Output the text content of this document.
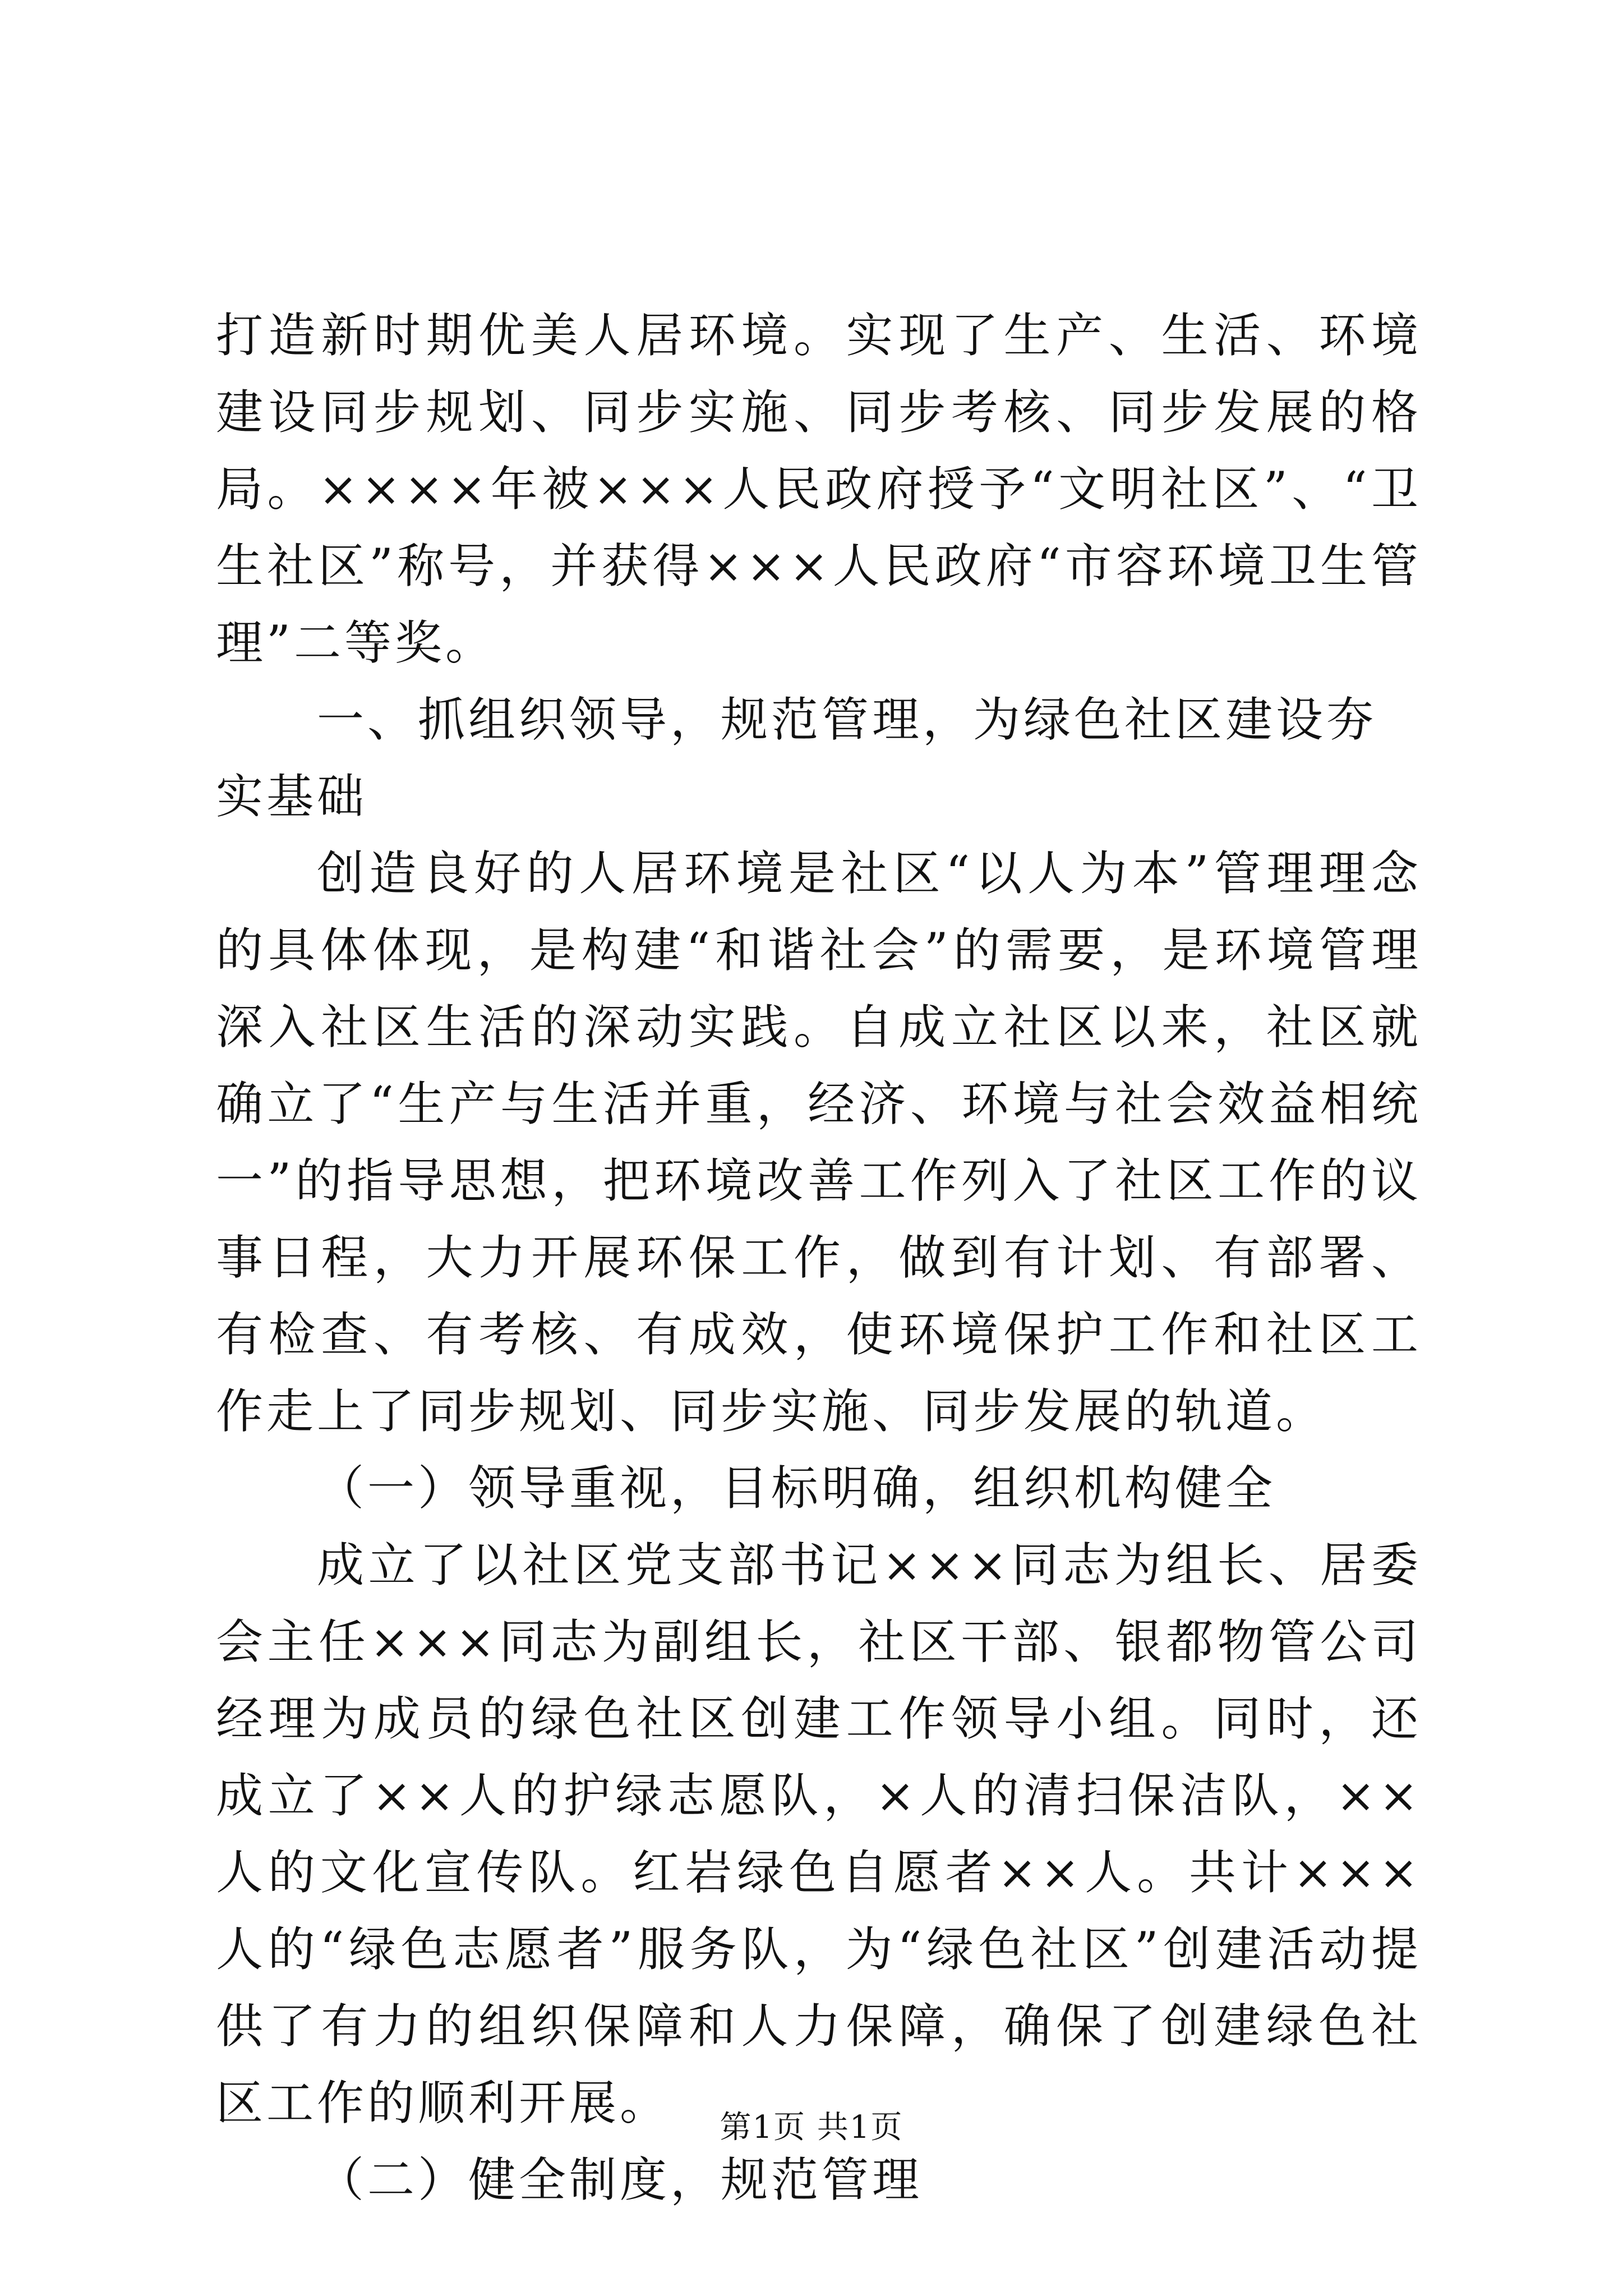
打造新时期优美人居环境。实现了生产、生活、环境建设同步规划、同步实施、同步考核、同步发展的格局。××××年被×××人民政府授予“文明社区”、“卫生社区”称号，并获得×××人民政府“市容环境卫生管理”二等奖。

一、抓组织领导，规范管理，为绿色社区建设夯实基础

创造良好的人居环境是社区“以人为本”管理理念的具体体现，是构建“和谐社会”的需要，是环境管理深入社区生活的深动实践。自成立社区以来，社区就确立了“生产与生活并重，经济、环境与社会效益相统一”的指导思想，把环境改善工作列入了社区工作的议事日程，大力开展环保工作，做到有计划、有部署、有检查、有考核、有成效，使环境保护工作和社区工作走上了同步规划、同步实施、同步发展的轨道。

（一）领导重视，目标明确，组织机构健全

成立了以社区党支部书记×××同志为组长、居委会主任×××同志为副组长，社区干部、银都物管公司经理为成员的绿色社区创建工作领导小组。同时，还成立了××人的护绿志愿队，×人的清扫保洁队，××人的文化宣传队。红岩绿色自愿者××人。共计×××人的“绿色志愿者”服务队，为“绿色社区”创建活动提供了有力的组织保障和人力保障，确保了创建绿色社区工作的顺利开展。

（二）健全制度，规范管理

第1页 共1页
